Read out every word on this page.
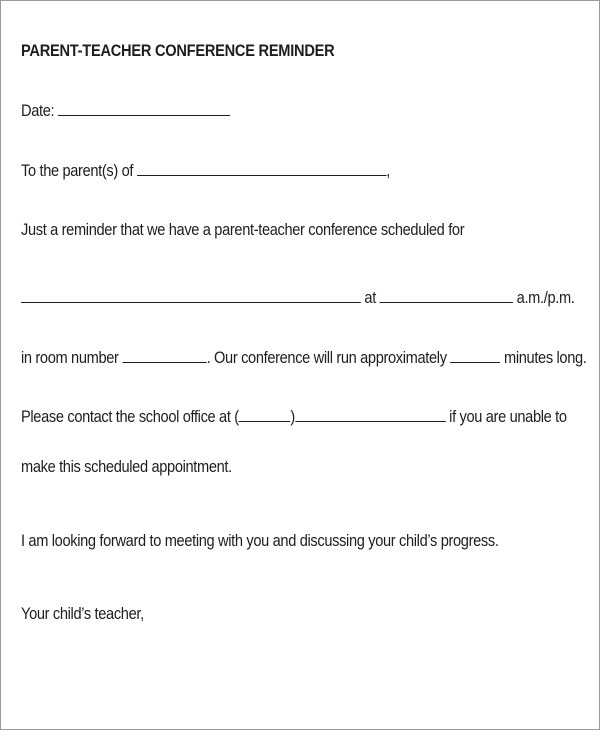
PARENT-TEACHER CONFERENCE REMINDER
Date:
To the parent(s) of	,
Just a reminder that we have a parent-teacher conference scheduled for
at	a.m./p.m.
in room number	. Our conference will run approximately	minutes long.
Please contact the school office at (	)	if you are unable to
make this scheduled appointment.
I am looking forward to meeting with you and discussing your child’s progress.
Your child’s teacher,
